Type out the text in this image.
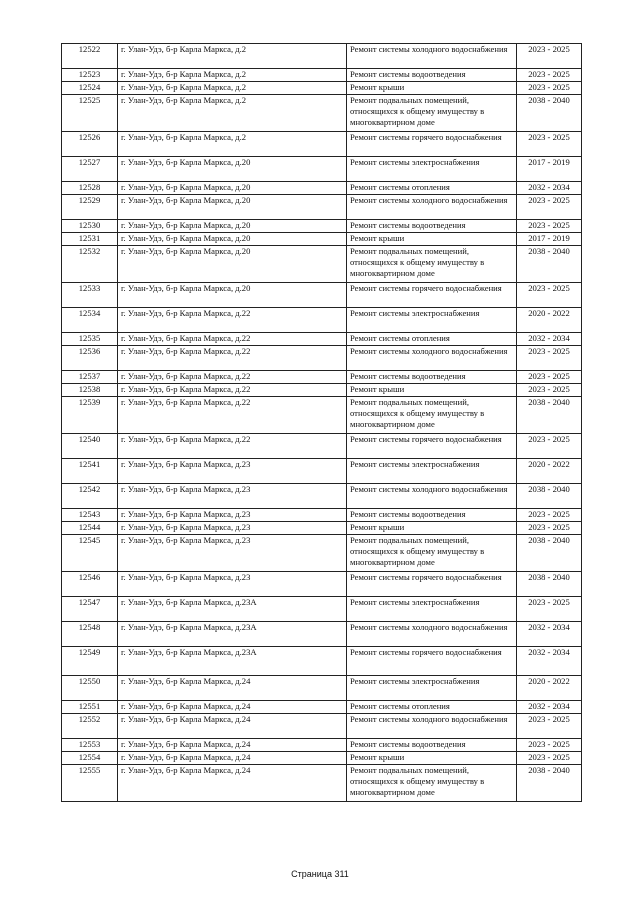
12522	г. Улан-Удэ, б-р Карла Маркса, д.2	Ремонт системы холодного водоснабжения	2023 - 2025
12523	г. Улан-Удэ, б-р Карла Маркса, д.2	Ремонт системы водоотведения	2023 - 2025
12524	г. Улан-Удэ, б-р Карла Маркса, д.2	Ремонт крыши	2023 - 2025
12525	г. Улан-Удэ, б-р Карла Маркса, д.2	Ремонт подвальных помещений, относящихся к общему имуществу в многоквартирном доме	2038 - 2040
12526	г. Улан-Удэ, б-р Карла Маркса, д.2	Ремонт системы горячего водоснабжения	2023 - 2025
12527	г. Улан-Удэ, б-р Карла Маркса, д.20	Ремонт системы электроснабжения	2017 - 2019
12528	г. Улан-Удэ, б-р Карла Маркса, д.20	Ремонт системы отопления	2032 - 2034
12529	г. Улан-Удэ, б-р Карла Маркса, д.20	Ремонт системы холодного водоснабжения	2023 - 2025
12530	г. Улан-Удэ, б-р Карла Маркса, д.20	Ремонт системы водоотведения	2023 - 2025
12531	г. Улан-Удэ, б-р Карла Маркса, д.20	Ремонт крыши	2017 - 2019
12532	г. Улан-Удэ, б-р Карла Маркса, д.20	Ремонт подвальных помещений, относящихся к общему имуществу в многоквартирном доме	2038 - 2040
12533	г. Улан-Удэ, б-р Карла Маркса, д.20	Ремонт системы горячего водоснабжения	2023 - 2025
12534	г. Улан-Удэ, б-р Карла Маркса, д.22	Ремонт системы электроснабжения	2020 - 2022
12535	г. Улан-Удэ, б-р Карла Маркса, д.22	Ремонт системы отопления	2032 - 2034
12536	г. Улан-Удэ, б-р Карла Маркса, д.22	Ремонт системы холодного водоснабжения	2023 - 2025
12537	г. Улан-Удэ, б-р Карла Маркса, д.22	Ремонт системы водоотведения	2023 - 2025
12538	г. Улан-Удэ, б-р Карла Маркса, д.22	Ремонт крыши	2023 - 2025
12539	г. Улан-Удэ, б-р Карла Маркса, д.22	Ремонт подвальных помещений, относящихся к общему имуществу в многоквартирном доме	2038 - 2040
12540	г. Улан-Удэ, б-р Карла Маркса, д.22	Ремонт системы горячего водоснабжения	2023 - 2025
12541	г. Улан-Удэ, б-р Карла Маркса, д.23	Ремонт системы электроснабжения	2020 - 2022
12542	г. Улан-Удэ, б-р Карла Маркса, д.23	Ремонт системы холодного водоснабжения	2038 - 2040
12543	г. Улан-Удэ, б-р Карла Маркса, д.23	Ремонт системы водоотведения	2023 - 2025
12544	г. Улан-Удэ, б-р Карла Маркса, д.23	Ремонт крыши	2023 - 2025
12545	г. Улан-Удэ, б-р Карла Маркса, д.23	Ремонт подвальных помещений, относящихся к общему имуществу в многоквартирном доме	2038 - 2040
12546	г. Улан-Удэ, б-р Карла Маркса, д.23	Ремонт системы горячего водоснабжения	2038 - 2040
12547	г. Улан-Удэ, б-р Карла Маркса, д.23А	Ремонт системы электроснабжения	2023 - 2025
12548	г. Улан-Удэ, б-р Карла Маркса, д.23А	Ремонт системы холодного водоснабжения	2032 - 2034
12549	г. Улан-Удэ, б-р Карла Маркса, д.23А	Ремонт системы горячего водоснабжения	2032 - 2034
12550	г. Улан-Удэ, б-р Карла Маркса, д.24	Ремонт системы электроснабжения	2020 - 2022
12551	г. Улан-Удэ, б-р Карла Маркса, д.24	Ремонт системы отопления	2032 - 2034
12552	г. Улан-Удэ, б-р Карла Маркса, д.24	Ремонт системы холодного водоснабжения	2023 - 2025
12553	г. Улан-Удэ, б-р Карла Маркса, д.24	Ремонт системы водоотведения	2023 - 2025
12554	г. Улан-Удэ, б-р Карла Маркса, д.24	Ремонт крыши	2023 - 2025
12555	г. Улан-Удэ, б-р Карла Маркса, д.24	Ремонт подвальных помещений, относящихся к общему имуществу в многоквартирном доме	2038 - 2040
Страница 311
